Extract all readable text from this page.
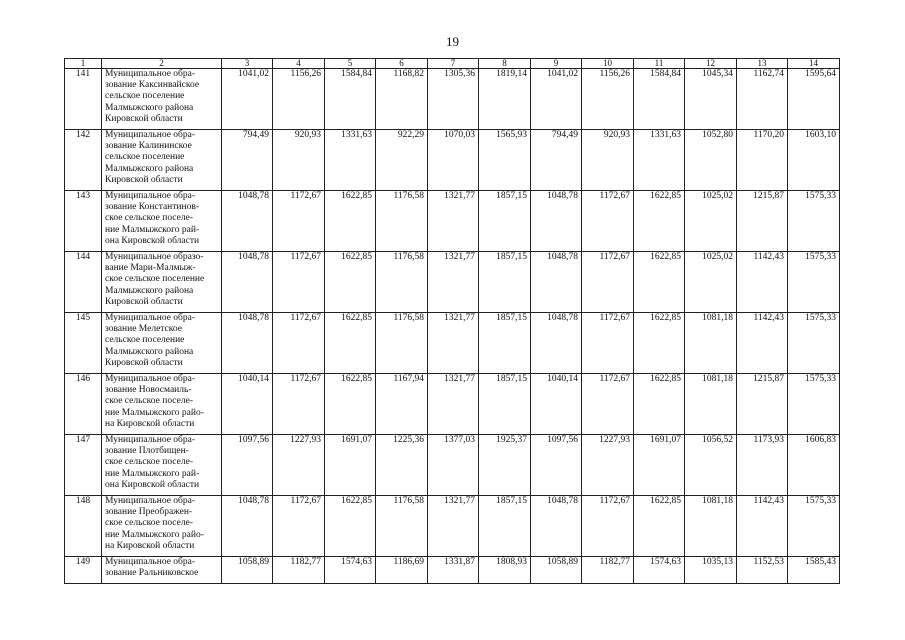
19
1	2	3	4	5	6	7	8	9	10	11	12	13	14
141	Муниципальное обра-
зование Каксинвайское
сельское поселение
Малмыжского района
Кировской области	1041,02	1156,26	1584,84	1168,82	1305,36	1819,14	1041,02	1156,26	1584,84	1045,34	1162,74	1595,64
142	Муниципальное обра-
зование Калининское
сельское поселение
Малмыжского района
Кировской области	794,49	920,93	1331,63	922,29	1070,03	1565,93	794,49	920,93	1331,63	1052,80	1170,20	1603,10
143	Муниципальное обра-
зование Константинов-
ское сельское поселе-
ние Малмыжского рай-
она Кировской области	1048,78	1172,67	1622,85	1176,58	1321,77	1857,15	1048,78	1172,67	1622,85	1025,02	1215,87	1575,33
144	Муниципальное образо-
вание Мари-Малмыж-
ское сельское поселение
Малмыжского района
Кировской области	1048,78	1172,67	1622,85	1176,58	1321,77	1857,15	1048,78	1172,67	1622,85	1025,02	1142,43	1575,33
145	Муниципальное обра-
зование Мелетское
сельское поселение
Малмыжского района
Кировской области	1048,78	1172,67	1622,85	1176,58	1321,77	1857,15	1048,78	1172,67	1622,85	1081,18	1142,43	1575,33
146	Муниципальное обра-
зование Новосмаиль-
ское сельское поселе-
ние Малмыжского райо-
на Кировской области	1040,14	1172,67	1622,85	1167,94	1321,77	1857,15	1040,14	1172,67	1622,85	1081,18	1215,87	1575,33
147	Муниципальное обра-
зование Плотбищен-
ское сельское поселе-
ние Малмыжского рай-
она Кировской области	1097,56	1227,93	1691,07	1225,36	1377,03	1925,37	1097,56	1227,93	1691,07	1056,52	1173,93	1606,83
148	Муниципальное обра-
зование Преображен-
ское сельское поселе-
ние Малмыжского райо-
на Кировской области	1048,78	1172,67	1622,85	1176,58	1321,77	1857,15	1048,78	1172,67	1622,85	1081,18	1142,43	1575,33
149	Муниципальное обра-
зование Ральниковское	1058,89	1182,77	1574,63	1186,69	1331,87	1808,93	1058,89	1182,77	1574,63	1035,13	1152,53	1585,43
